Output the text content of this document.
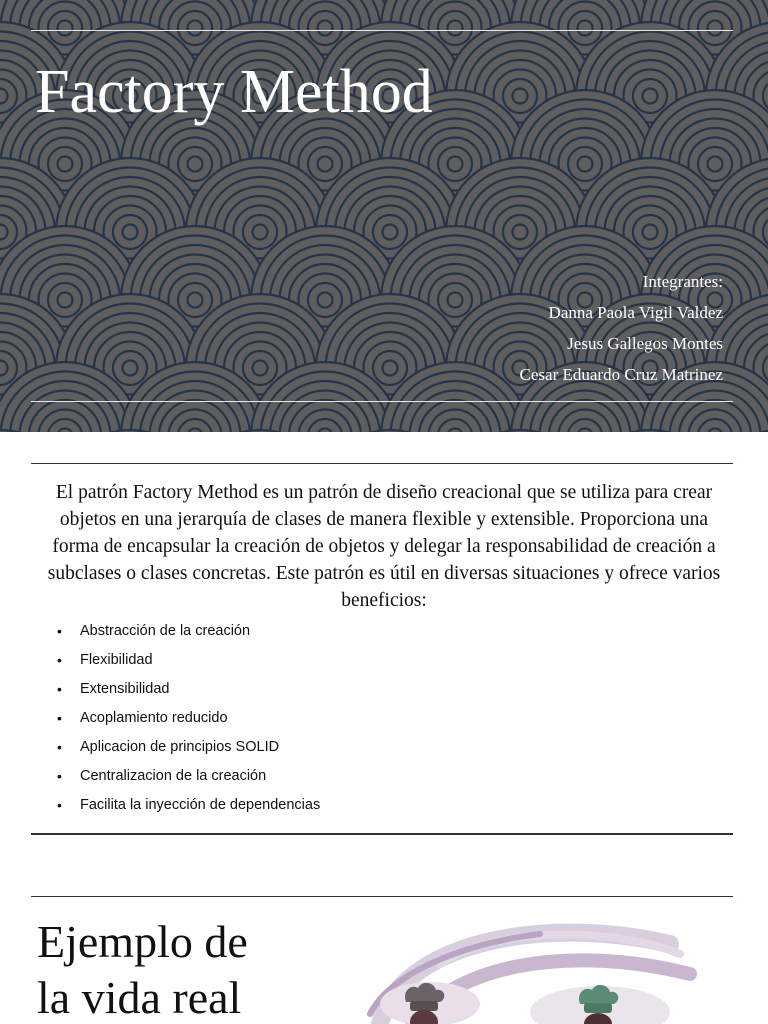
Factory Method
Integrantes:
Danna Paola Vigil Valdez
Jesus Gallegos Montes
Cesar Eduardo Cruz Matrinez

El patrón Factory Method es un patrón de diseño creacional que se utiliza para crear objetos en una jerarquía de clases de manera flexible y extensible. Proporciona una forma de encapsular la creación de objetos y delegar la responsabilidad de creación a subclases o clases concretas. Este patrón es útil en diversas situaciones y ofrece varios beneficios:

• Abstracción de la creación
• Flexibilidad
• Extensibilidad
• Acoplamiento reducido
• Aplicacion de principios SOLID
• Centralizacion de la creación
• Facilita la inyección de dependencias
Ejemplo de
la vida real
